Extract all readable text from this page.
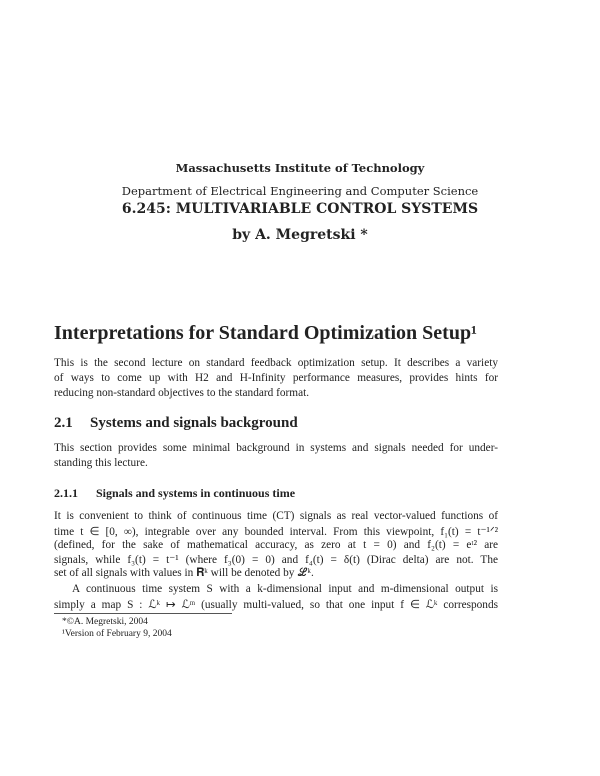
Massachusetts Institute of Technology
Department of Electrical Engineering and Computer Science
6.245: MULTIVARIABLE CONTROL SYSTEMS
by A. Megretski *
Interpretations for Standard Optimization Setup¹
This is the second lecture on standard feedback optimization setup. It describes a variety
of ways to come up with H2 and H-Infinity performance measures, provides hints for
reducing non-standard objectives to the standard format.
2.1 Systems and signals background
This section provides some minimal background in systems and signals needed for under-
standing this lecture.
2.1.1 Signals and systems in continuous time
It is convenient to think of continuous time (CT) signals as real vector-valued functions of
time t ∈ [0, ∞), integrable over any bounded interval. From this viewpoint, f₁(t) = t⁻¹ᐟ²
(defined, for the sake of mathematical accuracy, as zero at t = 0) and f₂(t) = eᵗ² are
signals, while f₃(t) = t⁻¹ (where f₃(0) = 0) and f₄(t) = δ(t) (Dirac delta) are not. The
set of all signals with values in 𝐑ᵏ will be denoted by ℒᵏ.
A continuous time system S with a k-dimensional input and m-dimensional output is
simply a map S : ℒᵏ ↦ ℒᵐ (usually multi-valued, so that one input f ∈ ℒᵏ corresponds
*©A. Megretski, 2004
¹Version of February 9, 2004
